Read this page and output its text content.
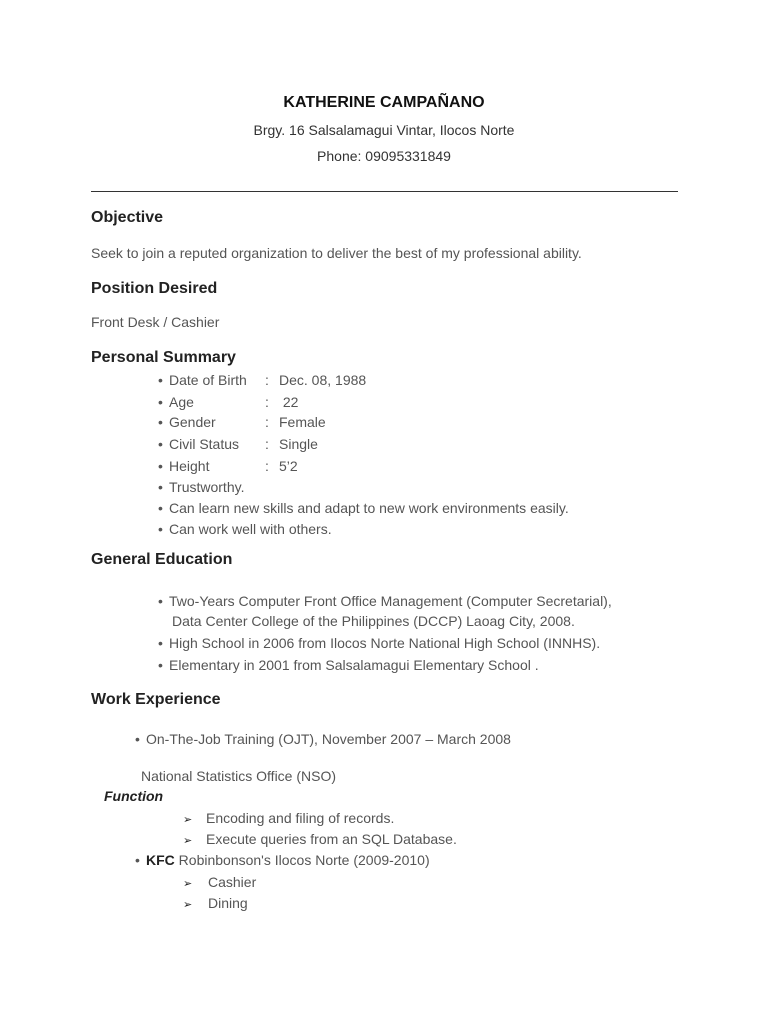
KATHERINE CAMPAÑANO
Brgy. 16 Salsalamagui Vintar, Ilocos Norte
Phone: 09095331849
Objective
Seek to join a reputed organization to deliver the best of my professional ability.
Position Desired
Front Desk / Cashier
Personal Summary
• Date of Birth : Dec. 08, 1988
• Age	: 22
• Gender	: Female
• Civil Status : Single
• Height	: 5’2
• Trustworthy.
• Can learn new skills and adapt to new work environments easily.
• Can work well with others.
General Education
• Two-Years Computer Front Office Management (Computer Secretarial),
Data Center College of the Philippines (DCCP) Laoag City, 2008.
• High School in 2006 from Ilocos Norte National High School (INNHS).
• Elementary in 2001 from Salsalamagui Elementary School .
Work Experience
• On-The-Job Training (OJT), November 2007 – March 2008
National Statistics Office (NSO)
Function
➢ Encoding and filing of records.
➢ Execute queries from an SQL Database.
• KFC Robinbonson's Ilocos Norte (2009-2010)
➢ Cashier
➢ Dining
